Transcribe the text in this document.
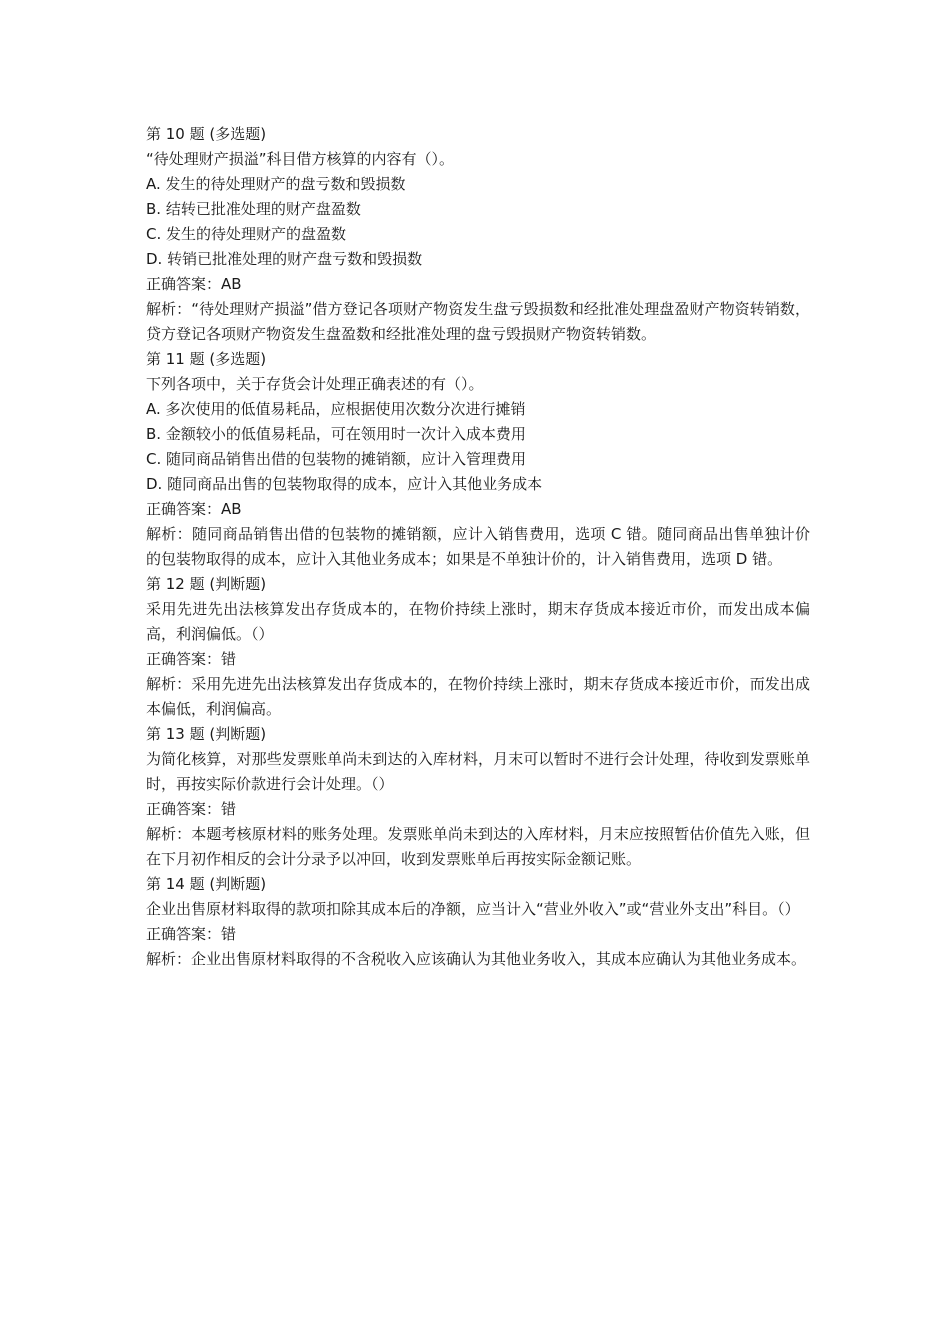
第 10 题 (多选题)
“待处理财产损溢”科目借方核算的内容有（）。
A. 发生的待处理财产的盘亏数和毁损数
B. 结转已批准处理的财产盘盈数
C. 发生的待处理财产的盘盈数
D. 转销已批准处理的财产盘亏数和毁损数
正确答案：AB
解析：“待处理财产损溢”借方登记各项财产物资发生盘亏毁损数和经批准处理盘盈财产物资转销数，贷方登记各项财产物资发生盘盈数和经批准处理的盘亏毁损财产物资转销数。
第 11 题 (多选题)
下列各项中，关于存货会计处理正确表述的有（）。
A. 多次使用的低值易耗品，应根据使用次数分次进行摊销
B. 金额较小的低值易耗品，可在领用时一次计入成本费用
C. 随同商品销售出借的包装物的摊销额，应计入管理费用
D. 随同商品出售的包装物取得的成本，应计入其他业务成本
正确答案：AB
解析：随同商品销售出借的包装物的摊销额，应计入销售费用，选项 C 错。随同商品出售单独计价的包装物取得的成本，应计入其他业务成本；如果是不单独计价的，计入销售费用，选项 D 错。
第 12 题 (判断题)
采用先进先出法核算发出存货成本的，在物价持续上涨时，期末存货成本接近市价，而发出成本偏高，利润偏低。（）
正确答案：错
解析：采用先进先出法核算发出存货成本的，在物价持续上涨时，期末存货成本接近市价，而发出成本偏低，利润偏高。
第 13 题 (判断题)
为简化核算，对那些发票账单尚未到达的入库材料，月末可以暂时不进行会计处理，待收到发票账单时，再按实际价款进行会计处理。（）
正确答案：错
解析：本题考核原材料的账务处理。发票账单尚未到达的入库材料，月末应按照暂估价值先入账，但在下月初作相反的会计分录予以冲回，收到发票账单后再按实际金额记账。
第 14 题 (判断题)
企业出售原材料取得的款项扣除其成本后的净额，应当计入“营业外收入”或“营业外支出”科目。（）
正确答案：错
解析：企业出售原材料取得的不含税收入应该确认为其他业务收入，其成本应确认为其他业务成本。
